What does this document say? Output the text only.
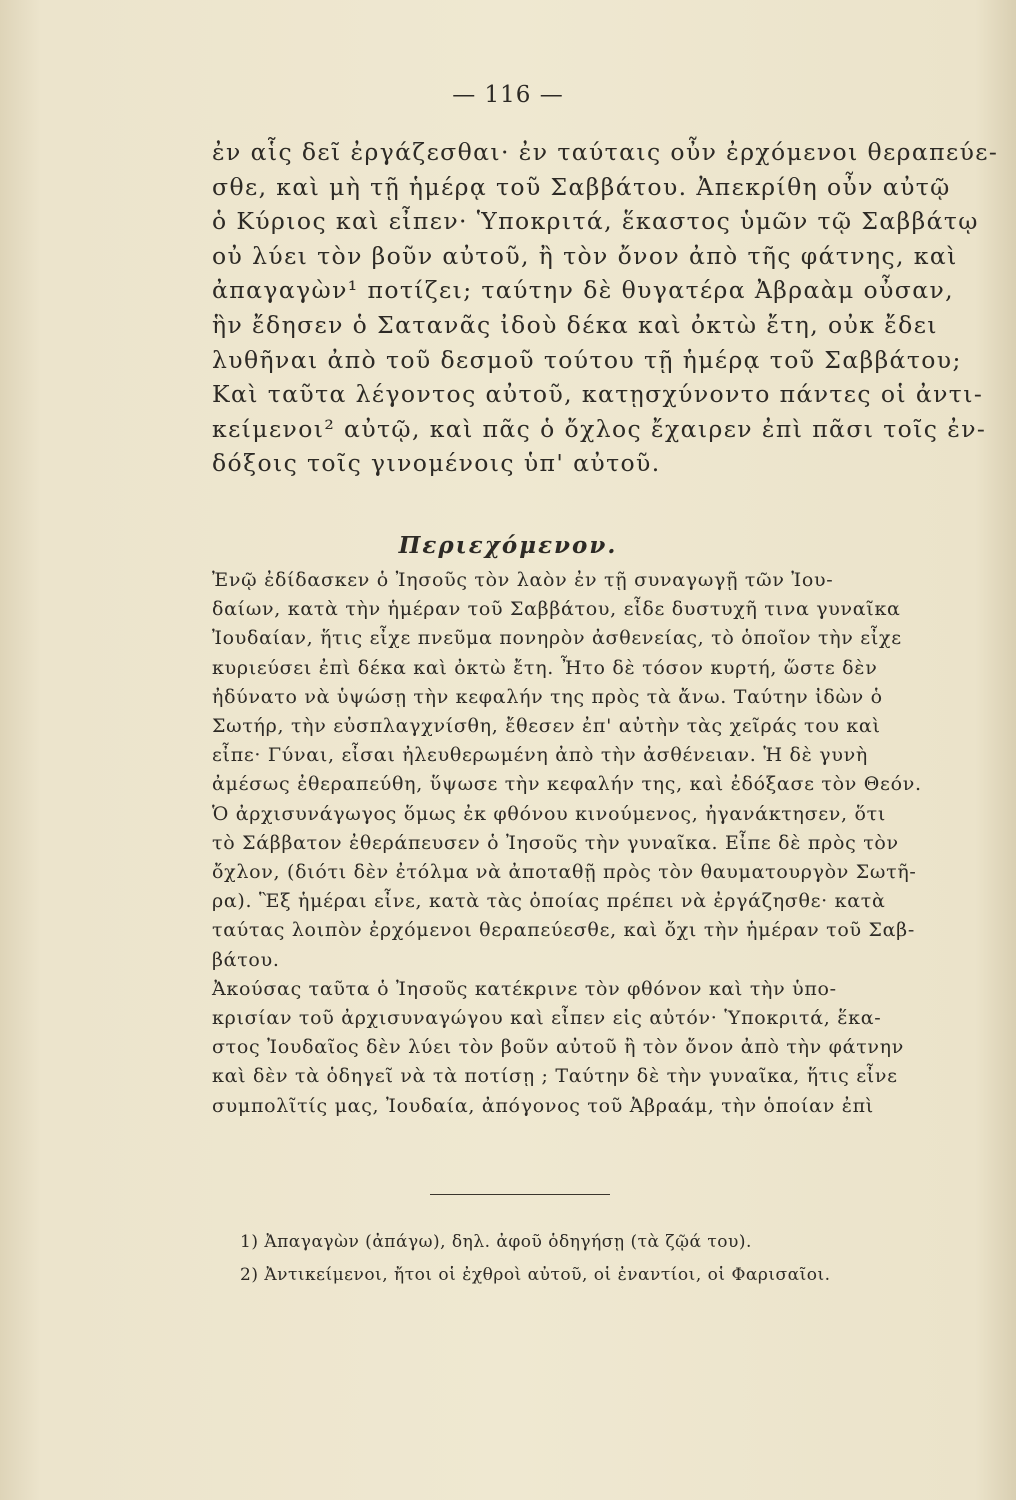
— 116 —
ἐν αἷς δεῖ ἐργάζεσθαι· ἐν ταύταις οὖν ἐρχόμενοι θεραπεύε-
σθε, καὶ μὴ τῇ ἡμέρᾳ τοῦ Σαββάτου. Ἀπεκρίθη οὖν αὐτῷ
ὁ Κύριος καὶ εἶπεν· Ὑποκριτά, ἕκαστος ὑμῶν τῷ Σαββάτῳ
οὐ λύει τὸν βοῦν αὐτοῦ, ἢ τὸν ὄνον ἀπὸ τῆς φάτνης, καὶ
ἀπαγαγὼν¹ ποτίζει; ταύτην δὲ θυγατέρα Ἀβραὰμ οὖσαν,
ἣν ἔδησεν ὁ Σατανᾶς ἰδοὺ δέκα καὶ ὀκτὼ ἔτη, οὐκ ἔδει
λυθῆναι ἀπὸ τοῦ δεσμοῦ τούτου τῇ ἡμέρᾳ τοῦ Σαββάτου;
Καὶ ταῦτα λέγοντος αὐτοῦ, κατῃσχύνοντο πάντες οἱ ἀντι-
κείμενοι² αὐτῷ, καὶ πᾶς ὁ ὄχλος ἔχαιρεν ἐπὶ πᾶσι τοῖς ἐν-
δόξοις τοῖς γινομένοις ὑπ' αὐτοῦ.
Περιεχόμενον.
Ἐνῷ ἐδίδασκεν ὁ Ἰησοῦς τὸν λαὸν ἐν τῇ συναγωγῇ τῶν Ἰου-
δαίων, κατὰ τὴν ἡμέραν τοῦ Σαββάτου, εἶδε δυστυχῆ τινα γυναῖκα
Ἰουδαίαν, ἥτις εἶχε πνεῦμα πονηρὸν ἀσθενείας, τὸ ὁποῖον τὴν εἶχε
κυριεύσει ἐπὶ δέκα καὶ ὀκτὼ ἔτη. Ἦτο δὲ τόσον κυρτή, ὥστε δὲν
ἠδύνατο νὰ ὑψώσῃ τὴν κεφαλήν της πρὸς τὰ ἄνω. Ταύτην ἰδὼν ὁ
Σωτήρ, τὴν εὐσπλαγχνίσθη, ἔθεσεν ἐπ' αὐτὴν τὰς χεῖράς του καὶ
εἶπε· Γύναι, εἶσαι ἠλευθερωμένη ἀπὸ τὴν ἀσθένειαν. Ἡ δὲ γυνὴ
ἀμέσως ἐθεραπεύθη, ὕψωσε τὴν κεφαλήν της, καὶ ἐδόξασε τὸν Θεόν.
Ὁ ἀρχισυνάγωγος ὅμως ἐκ φθόνου κινούμενος, ἠγανάκτησεν, ὅτι
τὸ Σάββατον ἐθεράπευσεν ὁ Ἰησοῦς τὴν γυναῖκα. Εἶπε δὲ πρὸς τὸν
ὄχλον, (διότι δὲν ἐτόλμα νὰ ἀποταθῇ πρὸς τὸν θαυματουργὸν Σωτῆ-
ρα). Ἓξ ἡμέραι εἶνε, κατὰ τὰς ὁποίας πρέπει νὰ ἐργάζησθε· κατὰ
ταύτας λοιπὸν ἐρχόμενοι θεραπεύεσθε, καὶ ὄχι τὴν ἡμέραν τοῦ Σαβ-
βάτου.
Ἀκούσας ταῦτα ὁ Ἰησοῦς κατέκρινε τὸν φθόνον καὶ τὴν ὑπο-
κρισίαν τοῦ ἀρχισυναγώγου καὶ εἶπεν εἰς αὐτόν· Ὑποκριτά, ἕκα-
στος Ἰουδαῖος δὲν λύει τὸν βοῦν αὐτοῦ ἢ τὸν ὄνον ἀπὸ τὴν φάτνην
καὶ δὲν τὰ ὁδηγεῖ νὰ τὰ ποτίσῃ ; Ταύτην δὲ τὴν γυναῖκα, ἥτις εἶνε
συμπολῖτίς μας, Ἰουδαία, ἀπόγονος τοῦ Ἀβραάμ, τὴν ὁποίαν ἐπὶ
1) Ἀπαγαγὼν (ἀπάγω), δηλ. ἀφοῦ ὁδηγήσῃ (τὰ ζῷά του).
2) Ἀντικείμενοι, ἤτοι οἱ ἐχθροὶ αὐτοῦ, οἱ ἐναντίοι, οἱ Φαρισαῖοι.
